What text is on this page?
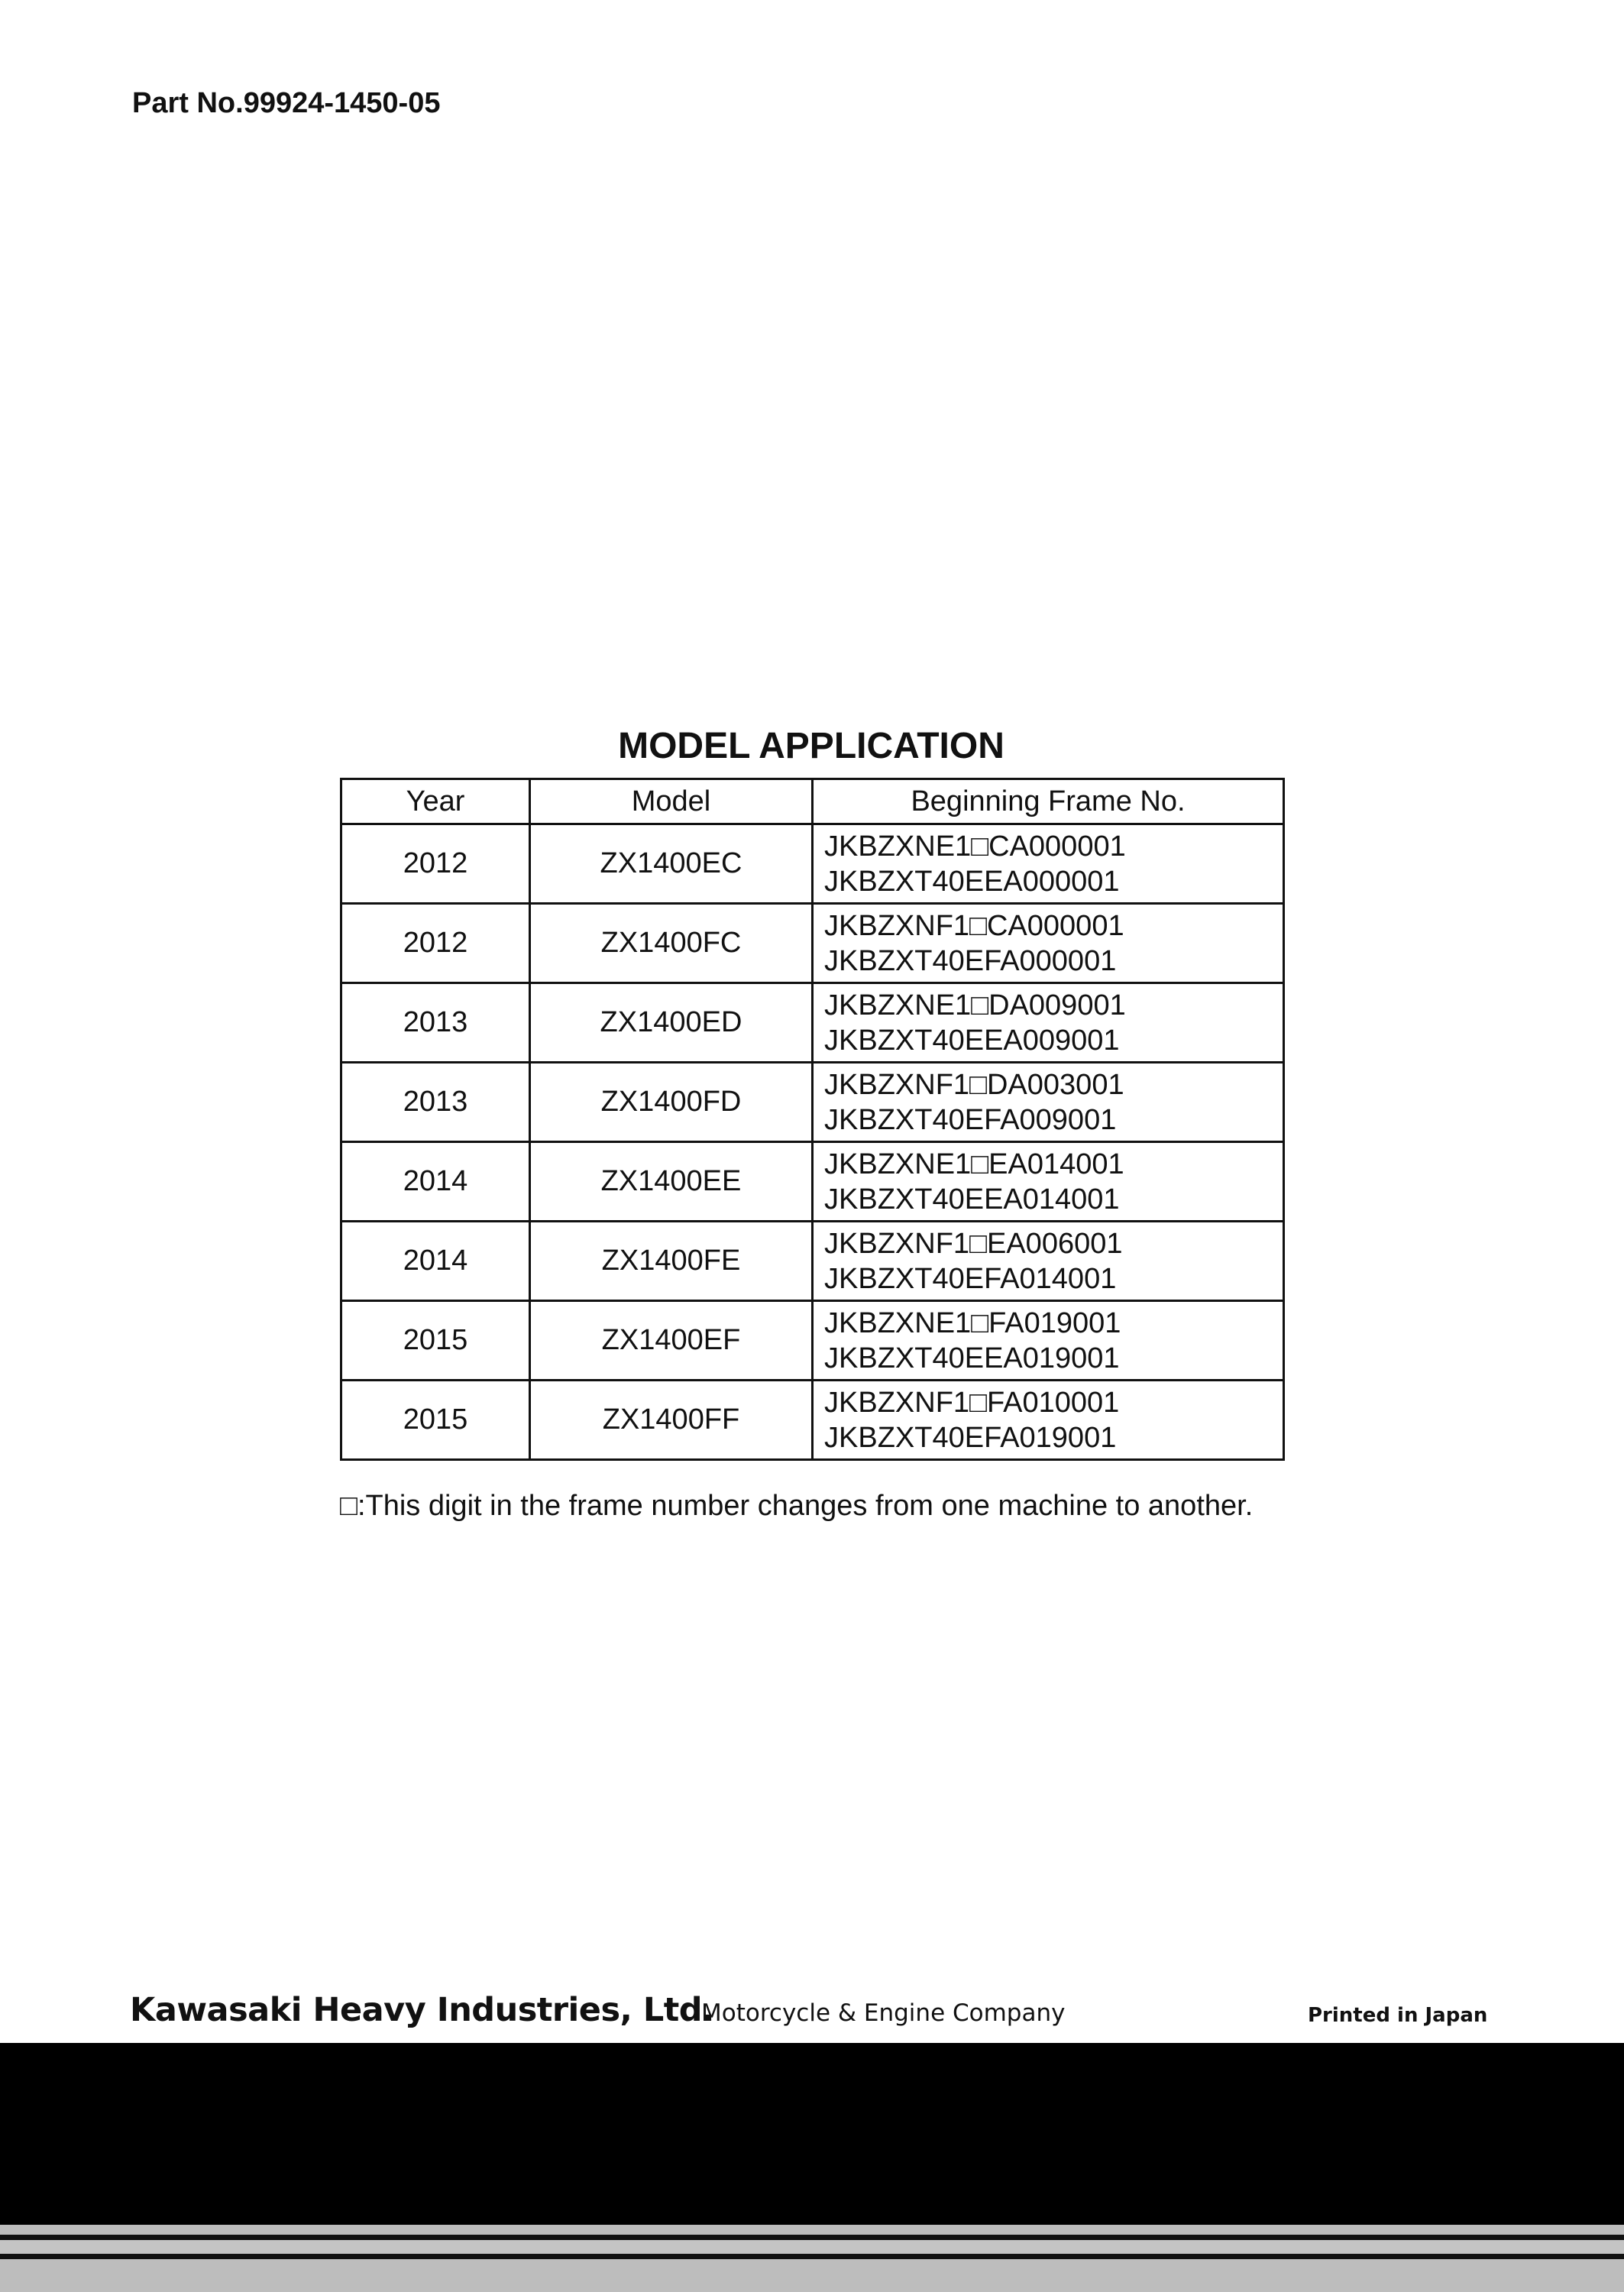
Part No.99924-1450-05
MODEL APPLICATION
Year	Model	Beginning Frame No.
2012	ZX1400EC	JKBZXNE1□CA000001
JKBZXT40EEA000001

2012	ZX1400FC	JKBZXNF1□CA000001
JKBZXT40EFA000001

2013	ZX1400ED	JKBZXNE1□DA009001
JKBZXT40EEA009001

2013	ZX1400FD	JKBZXNF1□DA003001
JKBZXT40EFA009001

2014	ZX1400EE	JKBZXNE1□EA014001
JKBZXT40EEA014001

2014	ZX1400FE	JKBZXNF1□EA006001
JKBZXT40EFA014001

2015	ZX1400EF	JKBZXNE1□FA019001
JKBZXT40EEA019001

2015	ZX1400FF	JKBZXNF1□FA010001
JKBZXT40EFA019001
□:This digit in the frame number changes from one machine to another.
Kawasaki Heavy Industries, Ltd.
Motorcycle & Engine Company	Printed in Japan
